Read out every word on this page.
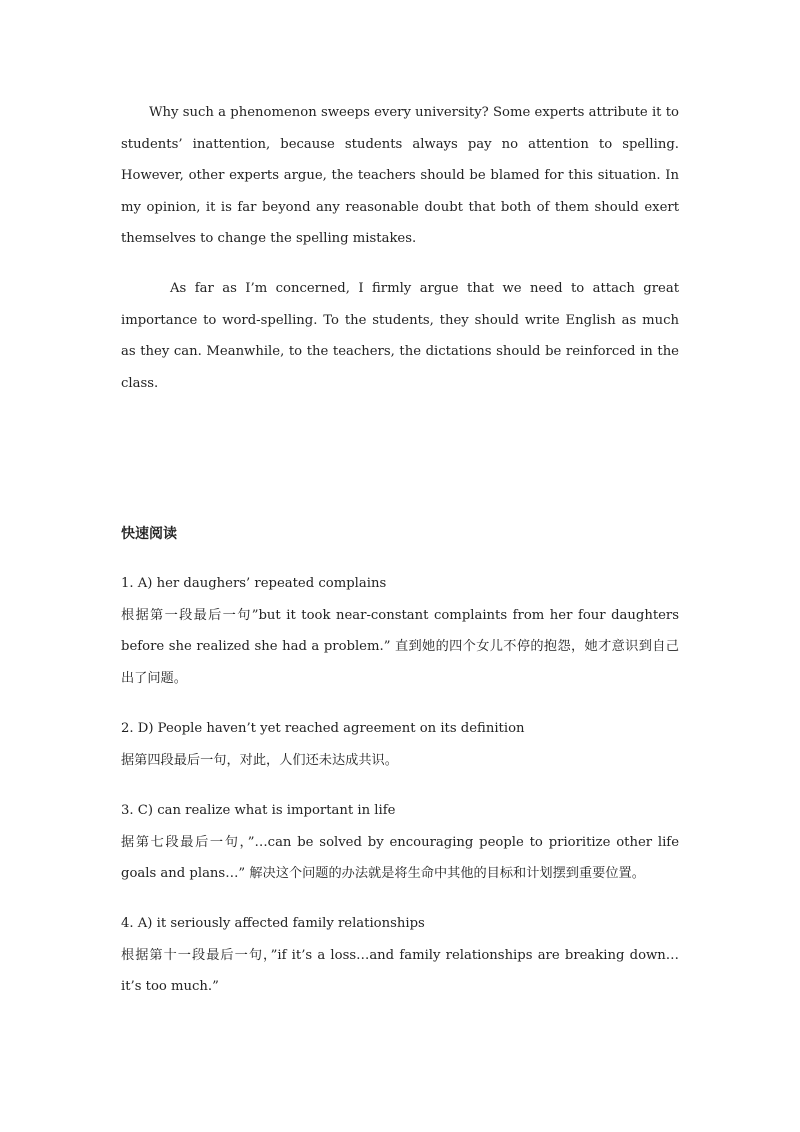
Why such a phenomenon sweeps every university? Some experts attribute it to students’ inattention, because students always pay no attention to spelling. However, other experts argue, the teachers should be blamed for this situation. In my opinion, it is far beyond any reasonable doubt that both of them should exert themselves to change the spelling mistakes.

As far as I’m concerned, I firmly argue that we need to attach great importance to word-spelling. To the students, they should write English as much as they can. Meanwhile, to the teachers, the dictations should be reinforced in the class.

快速阅读

1. A) her daughers’ repeated complains

根据第一段最后一句”but it took near-constant complaints from her four daughters before she realized she had a problem.” 直到她的四个女儿不停的抱怨，她才意识到自己出了问题。

2. D) People haven’t yet reached agreement on its definition

据第四段最后一句，对此，人们还未达成共识。

3. C) can realize what is important in life

据第七段最后一句，”…can be solved by encouraging people to prioritize other life goals and plans…” 解决这个问题的办法就是将生命中其他的目标和计划摆到重要位置。

4. A) it seriously affected family relationships

根据第十一段最后一句，”if it’s a loss…and family relationships are breaking down…it’s too much.”
